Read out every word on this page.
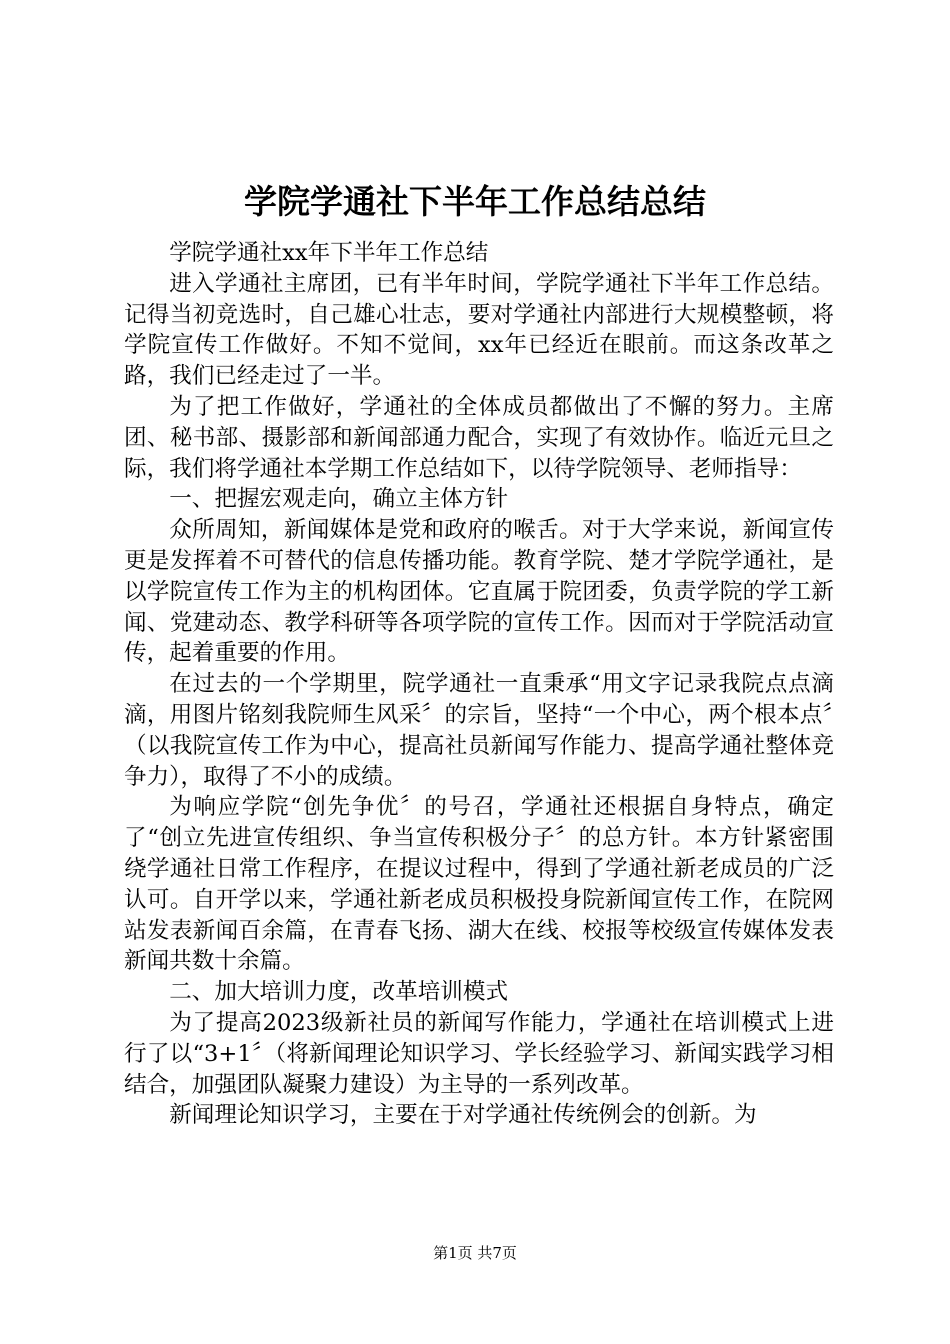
学院学通社下半年工作总结总结

学院学通社xx年下半年工作总结

进入学通社主席团，已有半年时间，学院学通社下半年工作总结。记得当初竞选时，自己雄心壮志，要对学通社内部进行大规模整顿，将学院宣传工作做好。不知不觉间，xx年已经近在眼前。而这条改革之路，我们已经走过了一半。

为了把工作做好，学通社的全体成员都做出了不懈的努力。主席团、秘书部、摄影部和新闻部通力配合，实现了有效协作。临近元旦之际，我们将学通社本学期工作总结如下，以待学院领导、老师指导：

一、把握宏观走向，确立主体方针

众所周知，新闻媒体是党和政府的喉舌。对于大学来说，新闻宣传更是发挥着不可替代的信息传播功能。教育学院、楚才学院学通社，是以学院宣传工作为主的机构团体。它直属于院团委，负责学院的学工新闻、党建动态、教学科研等各项学院的宣传工作。因而对于学院活动宣传，起着重要的作用。

在过去的一个学期里，院学通社一直秉承“用文字记录我院点点滴滴，用图片铭刻我院师生风采〞的宗旨，坚持“一个中心，两个根本点〞（以我院宣传工作为中心，提高社员新闻写作能力、提高学通社整体竞争力），取得了不小的成绩。

为响应学院“创先争优〞的号召，学通社还根据自身特点，确定了“创立先进宣传组织、争当宣传积极分子〞的总方针。本方针紧密围绕学通社日常工作程序，在提议过程中，得到了学通社新老成员的广泛认可。自开学以来，学通社新老成员积极投身院新闻宣传工作，在院网站发表新闻百余篇，在青春飞扬、湖大在线、校报等校级宣传媒体发表新闻共数十余篇。

二、加大培训力度，改革培训模式

为了提高2023级新社员的新闻写作能力，学通社在培训模式上进行了以“3+1〞（将新闻理论知识学习、学长经验学习、新闻实践学习相结合，加强团队凝聚力建设）为主导的一系列改革。

新闻理论知识学习，主要在于对学通社传统例会的创新。为

第1页 共7页
